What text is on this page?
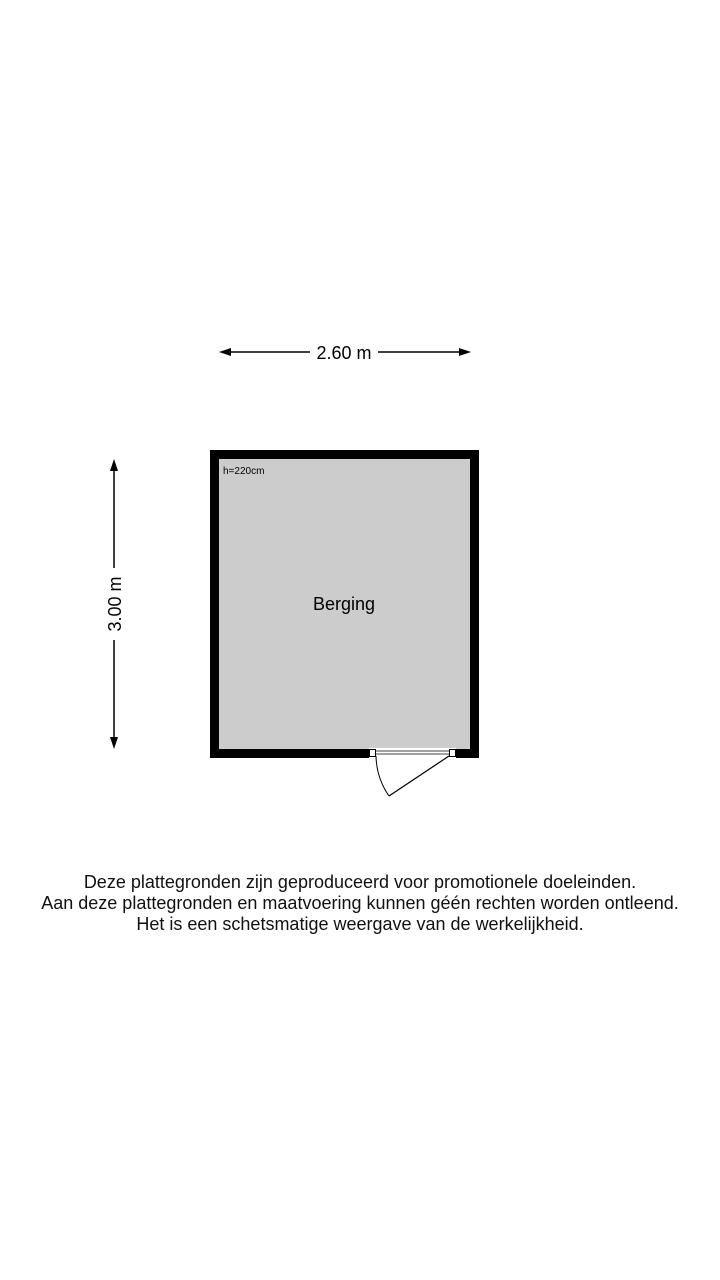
2.60 m
3.00 m
h=220cm
Berging
Deze plattegronden zijn geproduceerd voor promotionele doeleinden.
Aan deze plattegronden en maatvoering kunnen géén rechten worden ontleend.
Het is een schetsmatige weergave van de werkelijkheid.
